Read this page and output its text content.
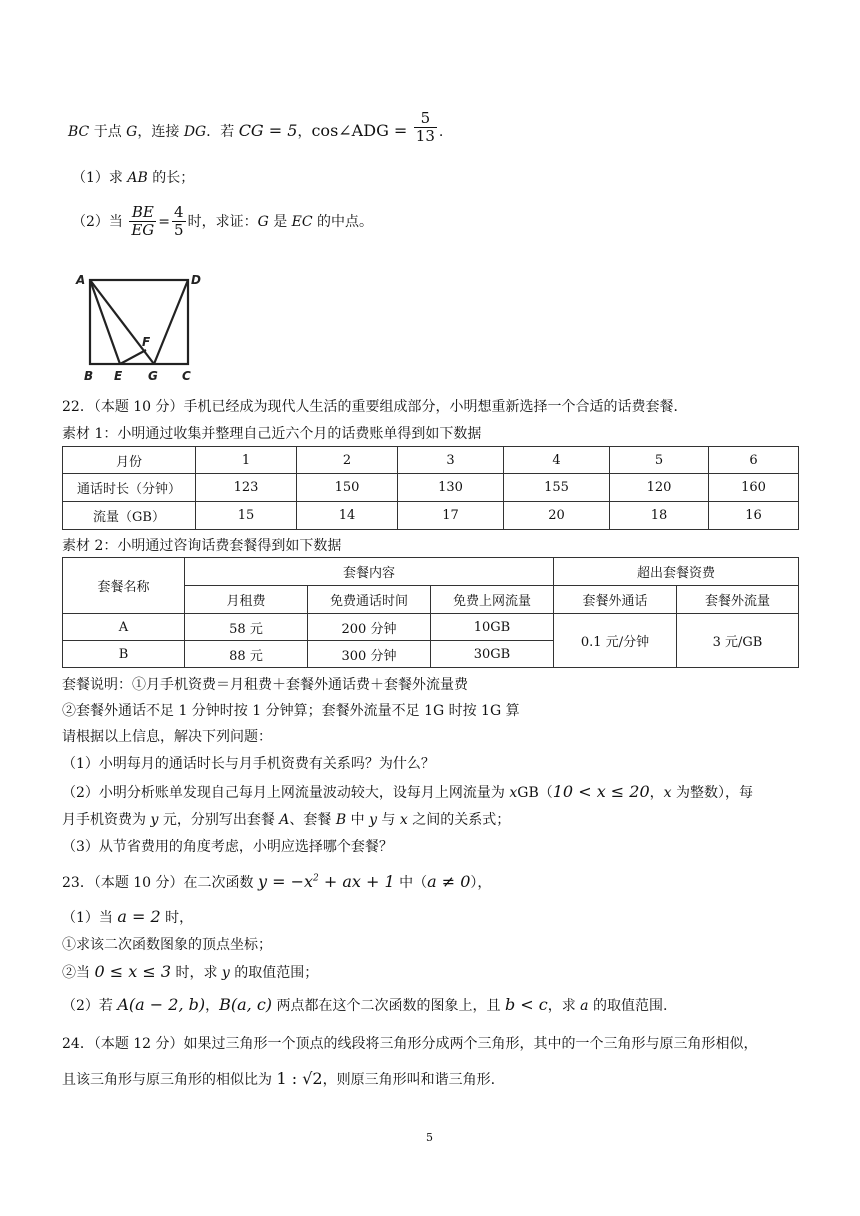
BC 于点 G，连接 DG．若 CG = 5，cos∠ADG = $\frac{5}{13}$ .
（1）求 AB 的长；
（2）当 $\frac{BE}{EG} = \frac{4}{5}$ 时，求证：G 是 EC 的中点。
A	D
F
B E G C
22．（本题 10 分）手机已经成为现代人生活的重要组成部分，小明想重新选择一个合适的话费套餐．
素材 1：小明通过收集并整理自己近六个月的话费账单得到如下数据
月份	1	2	3	4	5	6
通话时长（分钟）	123	150	130	155	120	160
流量（GB）	15	14	17	20	18	16
素材 2：小明通过咨询话费套餐得到如下数据
套餐名称	套餐内容			超出套餐资费	
	月租费	免费通话时间	免费上网流量	套餐外通话	套餐外流量
A	58 元	200 分钟	10GB	0.1 元/分钟	3 元/GB
B	88 元	300 分钟	30GB		
套餐说明：①月手机资费＝月租费＋套餐外通话费＋套餐外流量费
②套餐外通话不足 1 分钟时按 1 分钟算；套餐外流量不足 1G 时按 1G 算
请根据以上信息，解决下列问题：
（1）小明每月的通话时长与月手机资费有关系吗？为什么？
（2）小明分析账单发现自己每月上网流量波动较大，设每月上网流量为 xGB（10 < x ≤ 20，x 为整数），每
月手机资费为 y 元，分别写出套餐 A、套餐 B 中 y 与 x 之间的关系式；
（3）从节省费用的角度考虑，小明应选择哪个套餐？
23．（本题 10 分）在二次函数 $y = -x^2$ + ax + 1 中（a ≠ 0），
（1）当 a = 2 时，
①求该二次函数图象的顶点坐标；
②当 0 ≤ x ≤ 3 时，求 y 的取值范围；
（2）若 A(a − 2, b)，B(a, c) 两点都在这个二次函数的图象上，且 b < c，求 a 的取值范围.
24．（本题 12 分）如果过三角形一个顶点的线段将三角形分成两个三角形，其中的一个三角形与原三角形相似，
且该三角形与原三角形的相似比为 1 : √2，则原三角形叫和谐三角形.
5
